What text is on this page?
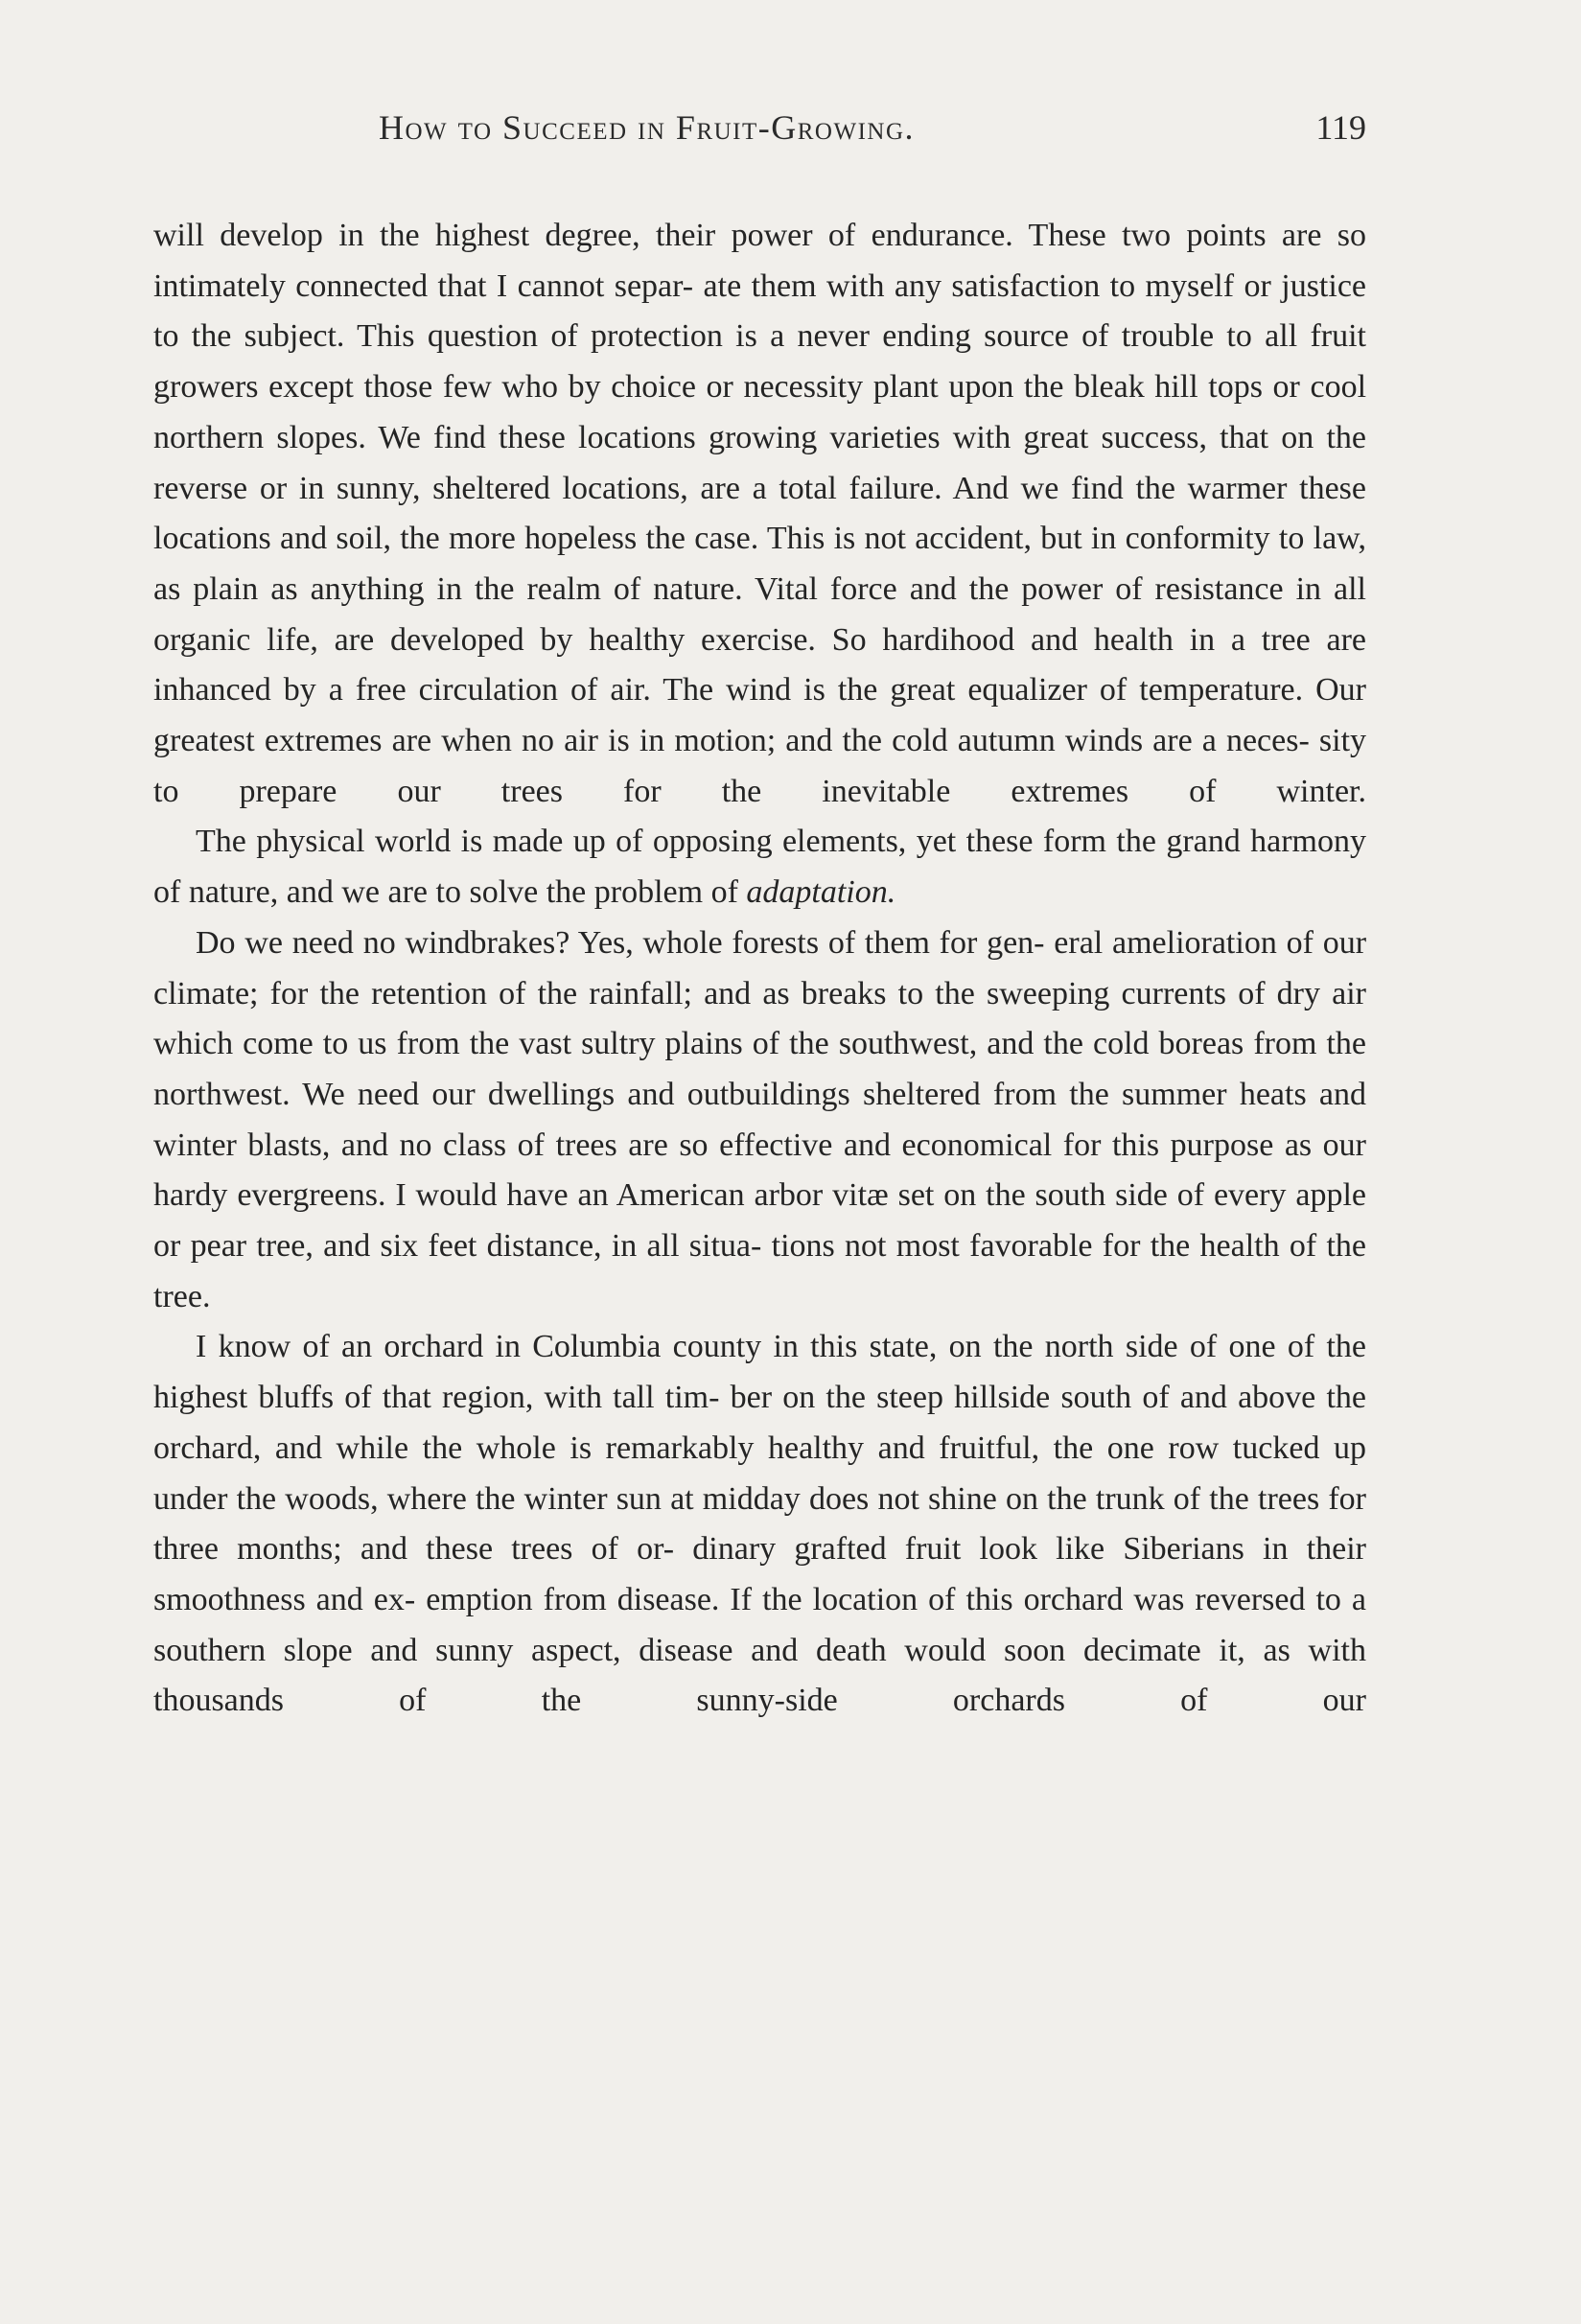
How to Succeed in Fruit-Growing.	119

will develop in the highest degree, their power of endurance. These two points are so intimately connected that I cannot separ- ate them with any satisfaction to myself or justice to the subject. This question of protection is a never ending source of trouble to all fruit growers except those few who by choice or necessity plant upon the bleak hill tops or cool northern slopes. We find these locations growing varieties with great success, that on the reverse or in sunny, sheltered locations, are a total failure. And we find the warmer these locations and soil, the more hopeless the case. This is not accident, but in conformity to law, as plain as anything in the realm of nature. Vital force and the power of resistance in all organic life, are developed by healthy exercise. So hardihood and health in a tree are inhanced by a free circulation of air. The wind is the great equalizer of temperature. Our greatest extremes are when no air is in motion; and the cold autumn winds are a neces- sity to prepare our trees for the inevitable extremes of winter.

The physical world is made up of opposing elements, yet these form the grand harmony of nature, and we are to solve the problem of adaptation.

Do we need no windbrakes? Yes, whole forests of them for gen- eral amelioration of our climate; for the retention of the rainfall; and as breaks to the sweeping currents of dry air which come to us from the vast sultry plains of the southwest, and the cold boreas from the northwest. We need our dwellings and outbuildings sheltered from the summer heats and winter blasts, and no class of trees are so effective and economical for this purpose as our hardy evergreens. I would have an American arbor vitæ set on the south side of every apple or pear tree, and six feet distance, in all situa- tions not most favorable for the health of the tree.

I know of an orchard in Columbia county in this state, on the north side of one of the highest bluffs of that region, with tall tim- ber on the steep hillside south of and above the orchard, and while the whole is remarkably healthy and fruitful, the one row tucked up under the woods, where the winter sun at midday does not shine on the trunk of the trees for three months; and these trees of or- dinary grafted fruit look like Siberians in their smoothness and ex- emption from disease. If the location of this orchard was reversed to a southern slope and sunny aspect, disease and death would soon decimate it, as with thousands of the sunny-side orchards of our
